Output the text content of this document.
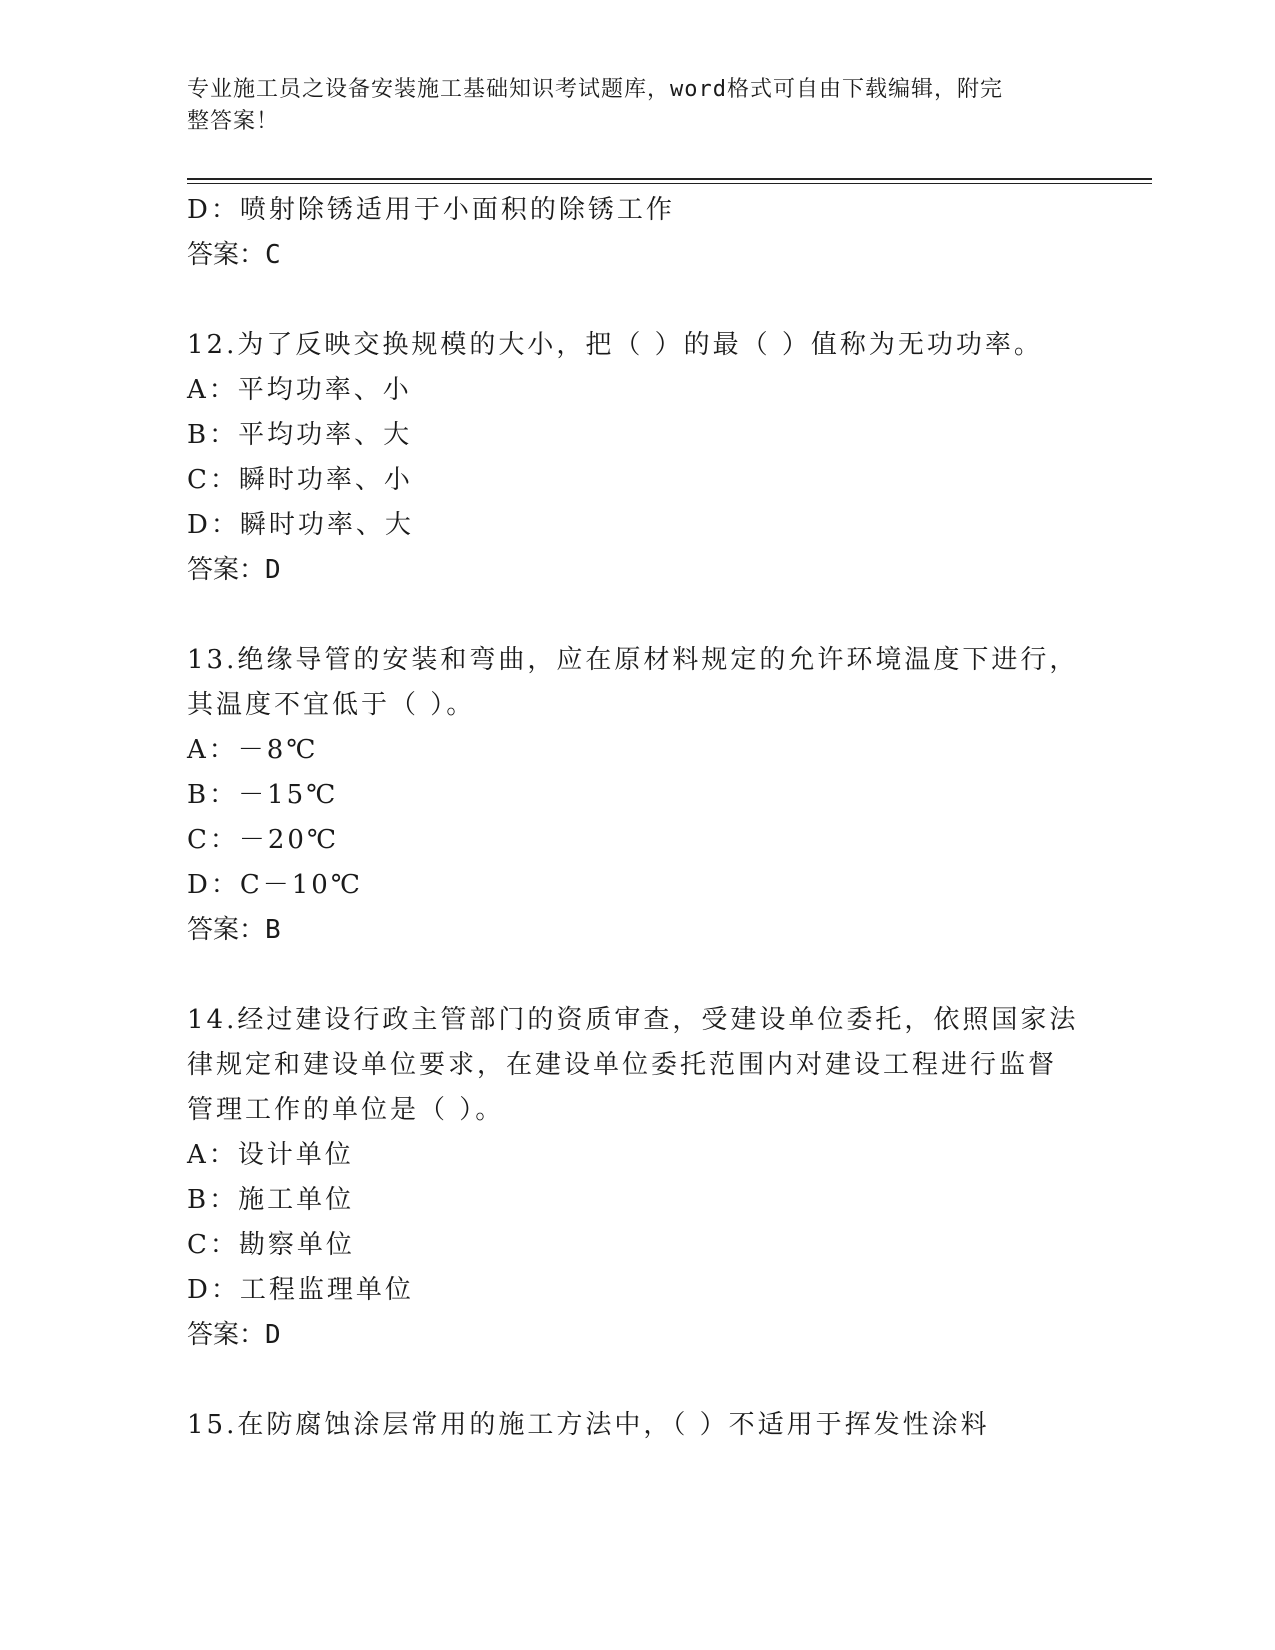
专业施工员之设备安装施工基础知识考试题库，word格式可自由下载编辑，附完
整答案！
D：喷射除锈适用于小面积的除锈工作
答案：C
12.为了反映交换规模的大小，把（ ）的最（ ）值称为无功功率。
A：平均功率、小
B：平均功率、大
C：瞬时功率、小
D：瞬时功率、大
答案：D
13.绝缘导管的安装和弯曲，应在原材料规定的允许环境温度下进行，
其温度不宜低于（ ）。
A：－8℃
B：－15℃
C：－20℃
D：C－10℃
答案：B
14.经过建设行政主管部门的资质审查，受建设单位委托，依照国家法
律规定和建设单位要求，在建设单位委托范围内对建设工程进行监督
管理工作的单位是（ ）。
A：设计单位
B：施工单位
C：勘察单位
D：工程监理单位
答案：D
15.在防腐蚀涂层常用的施工方法中，（ ）不适用于挥发性涂料
